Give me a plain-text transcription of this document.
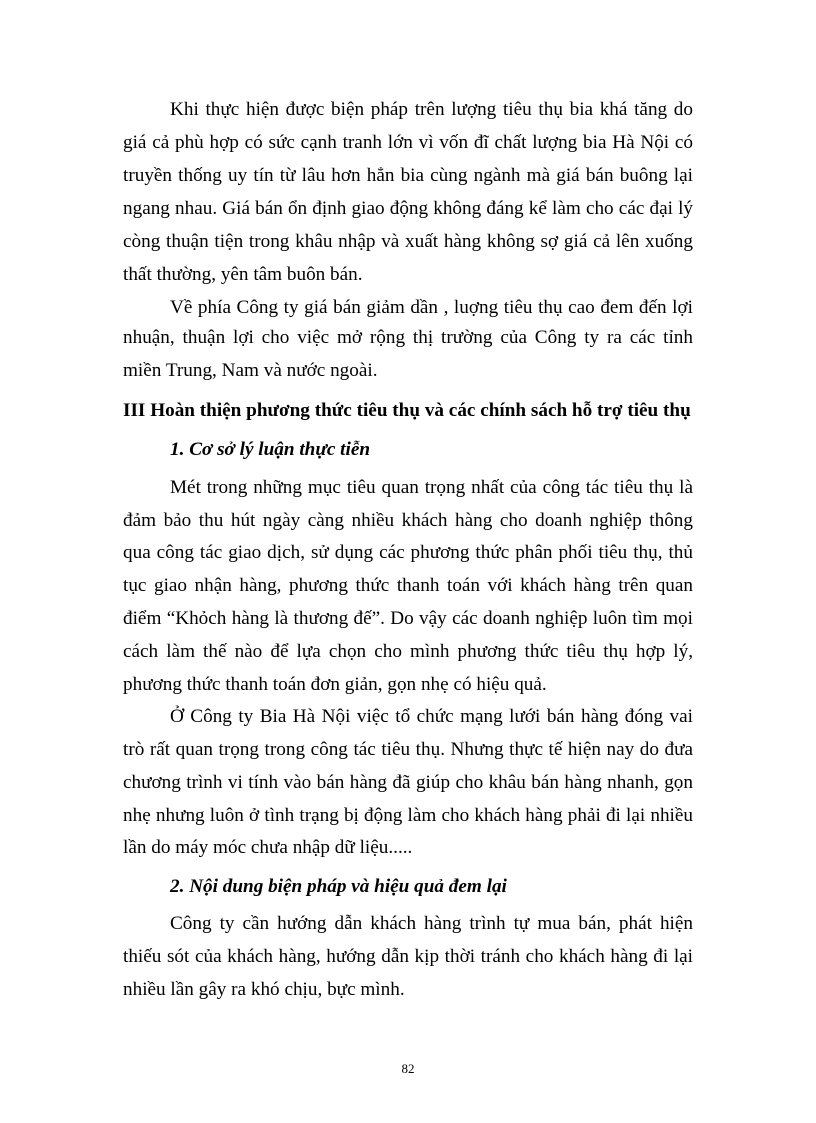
Khi thực hiện được biện pháp trên lượng tiêu thụ bia khá tăng do
giá cả phù hợp có sức cạnh tranh lớn vì vốn đĩ chất lượng bia Hà Nội có
truyền thống uy tín từ lâu hơn hẳn bia cùng ngành mà giá bán buông lại
ngang nhau. Giá bán ổn định giao động không đáng kể làm cho các đại lý
còng thuận tiện trong khâu nhập và xuất hàng không sợ giá cả lên xuống
thất thường, yên tâm buôn bán.
Về phía Công ty giá bán giảm dần , luợng tiêu thụ cao đem đến lợi
nhuận, thuận lợi cho việc mở rộng thị trường của Công ty ra các tỉnh
miền Trung, Nam và nước ngoài.
III Hoàn thiện phương thức tiêu thụ và các chính sách hỗ trợ tiêu thụ
1. Cơ sở lý luận thực tiễn
Mét trong những mục tiêu quan trọng nhất của công tác tiêu thụ là
đảm bảo thu hút ngày càng nhiều khách hàng cho doanh nghiệp thông
qua công tác giao dịch, sử dụng các phương thức phân phối tiêu thụ, thủ
tục giao nhận hàng, phương thức thanh toán với khách hàng trên quan
điểm “Khỏch hàng là thương đế”. Do vậy các doanh nghiệp luôn tìm mọi
cách làm thế nào để lựa chọn cho mình phương thức tiêu thụ hợp lý,
phương thức thanh toán đơn giản, gọn nhẹ có hiệu quả.
Ở Công ty Bia Hà Nội việc tổ chức mạng lưới bán hàng đóng vai
trò rất quan trọng trong công tác tiêu thụ. Nhưng thực tế hiện nay do đưa
chương trình vi tính vào bán hàng đã giúp cho khâu bán hàng nhanh, gọn
nhẹ nhưng luôn ở tình trạng bị động làm cho khách hàng phải đi lại nhiều
lần do máy móc chưa nhập dữ liệu.....
2. Nội dung biện pháp và hiệu quả đem lại
Công ty cần hướng dẫn khách hàng trình tự mua bán, phát hiện
thiếu sót của khách hàng, hướng dẫn kịp thời tránh cho khách hàng đi lại
nhiều lần gây ra khó chịu, bực mình.
82
